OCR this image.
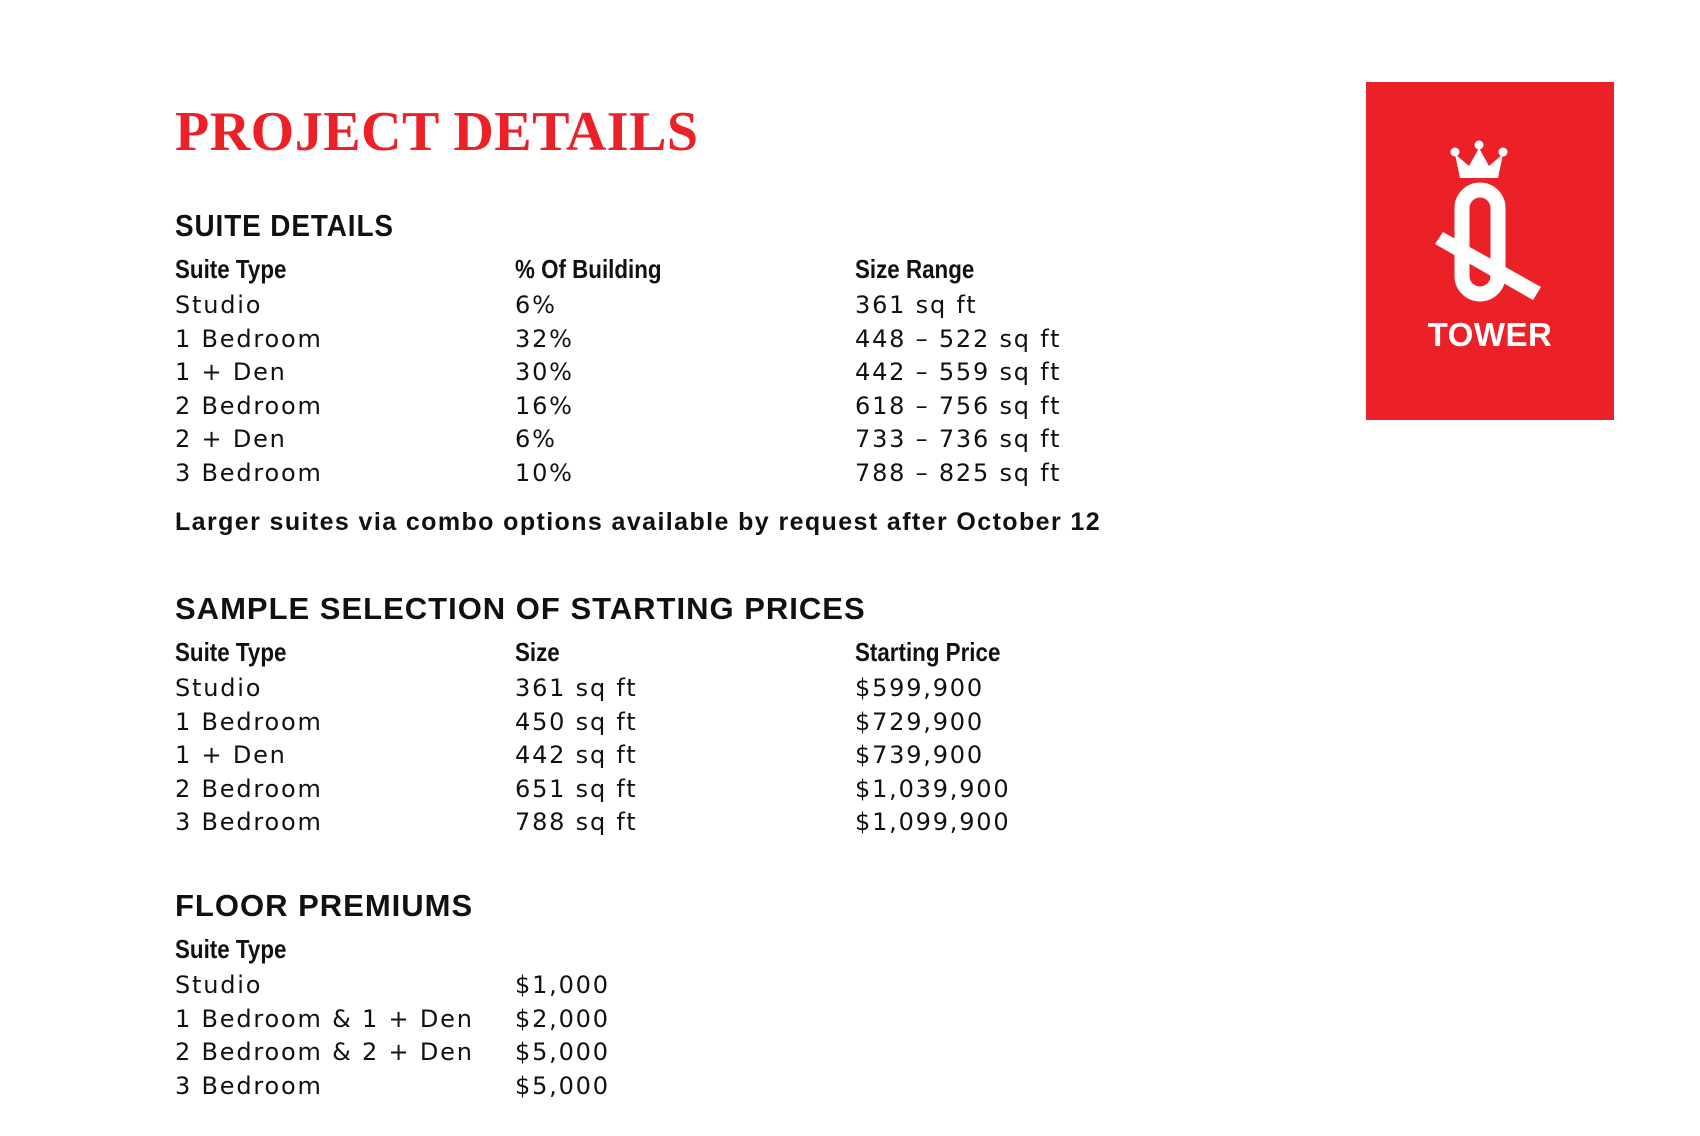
PROJECT DETAILS
TOWER
SUITE DETAILS
Suite Type	% Of Building	Size Range
Studio	6%	361 sq ft
1 Bedroom	32%	448 – 522 sq ft
1 + Den	30%	442 – 559 sq ft
2 Bedroom	16%	618 – 756 sq ft
2 + Den	6%	733 – 736 sq ft
3 Bedroom	10%	788 – 825 sq ft

Larger suites via combo options available by request after October 12

SAMPLE SELECTION OF STARTING PRICES
Suite Type	Size	Starting Price
Studio	361 sq ft	$599,900
1 Bedroom	450 sq ft	$729,900
1 + Den	442 sq ft	$739,900
2 Bedroom	651 sq ft	$1,039,900
3 Bedroom	788 sq ft	$1,099,900
FLOOR PREMIUMS
Suite Type
Studio	$1,000
1 Bedroom & 1 + Den $2,000
2 Bedroom & 2 + Den $5,000
3 Bedroom	$5,000
